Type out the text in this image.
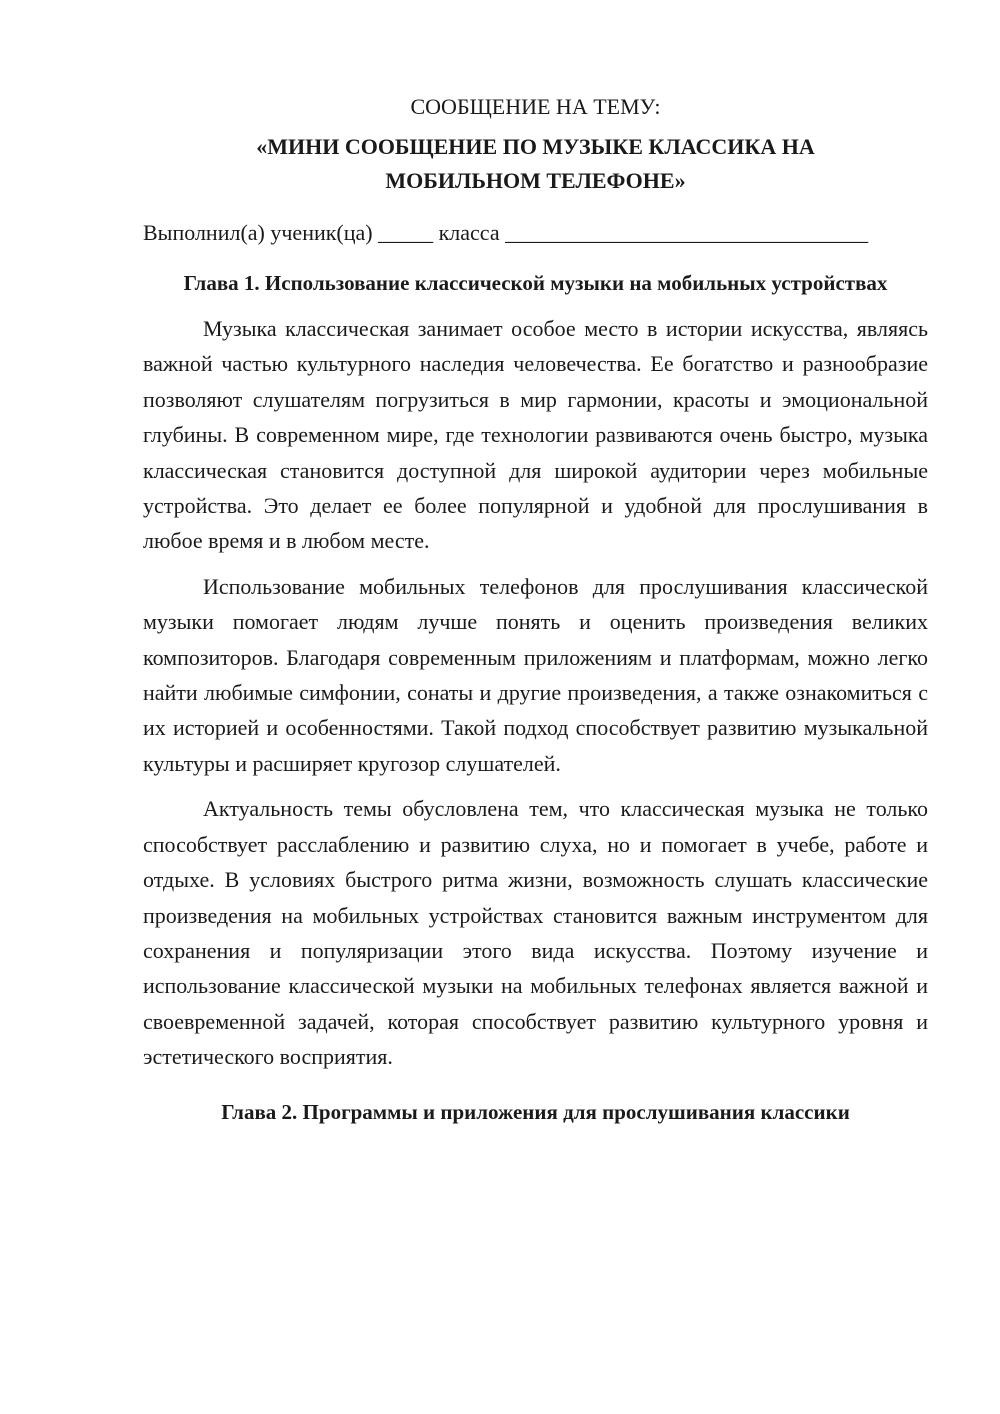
СООБЩЕНИЕ НА ТЕМУ:
«МИНИ СООБЩЕНИЕ ПО МУЗЫКЕ КЛАССИКА НА
МОБИЛЬНОМ ТЕЛЕФОНЕ»
Выполнил(а) ученик(ца) _____ класса _________________________________
Глава 1. Использование классической музыки на мобильных устройствах

Музыка классическая занимает особое место в истории искусства, являясь важной частью культурного наследия человечества. Ее богатство и разнообразие позволяют слушателям погрузиться в мир гармонии, красоты и эмоциональной глубины. В современном мире, где технологии развиваются очень быстро, музыка классическая становится доступной для широкой аудитории через мобильные устройства. Это делает ее более популярной и удобной для прослушивания в любое время и в любом месте.

Использование мобильных телефонов для прослушивания классической музыки помогает людям лучше понять и оценить произведения великих композиторов. Благодаря современным приложениям и платформам, можно легко найти любимые симфонии, сонаты и другие произведения, а также ознакомиться с их историей и особенностями. Такой подход способствует развитию музыкальной культуры и расширяет кругозор слушателей.

Актуальность темы обусловлена тем, что классическая музыка не только способствует расслаблению и развитию слуха, но и помогает в учебе, работе и отдыхе. В условиях быстрого ритма жизни, возможность слушать классические произведения на мобильных устройствах становится важным инструментом для сохранения и популяризации этого вида искусства. Поэтому изучение и использование классической музыки на мобильных телефонах является важной и своевременной задачей, которая способствует развитию культурного уровня и эстетического восприятия.

Глава 2. Программы и приложения для прослушивания классики
